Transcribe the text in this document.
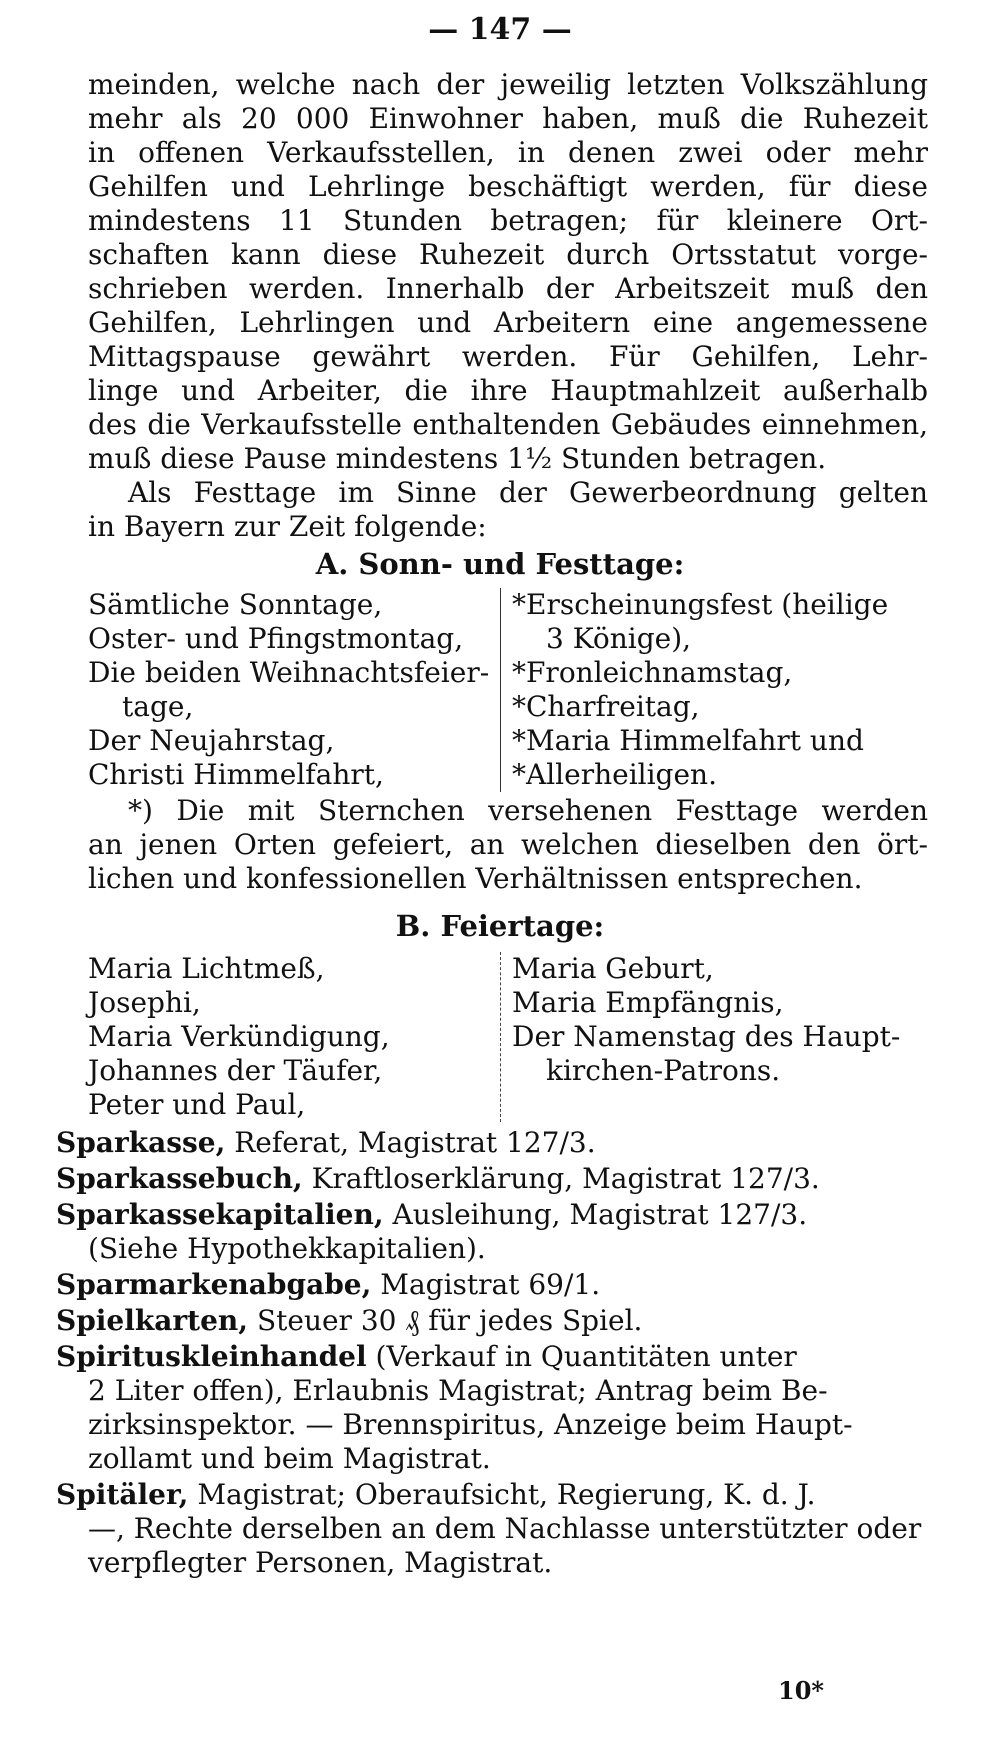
— 147 —
meinden, welche nach der jeweilig letzten Volkszählung
mehr als 20 000 Einwohner haben, muß die Ruhezeit
in offenen Verkaufsstellen, in denen zwei oder mehr
Gehilfen und Lehrlinge beschäftigt werden, für diese
mindestens 11 Stunden betragen; für kleinere Ort-
schaften kann diese Ruhezeit durch Ortsstatut vorge-
schrieben werden. Innerhalb der Arbeitszeit muß den
Gehilfen, Lehrlingen und Arbeitern eine angemessene
Mittagspause gewährt werden. Für Gehilfen, Lehr-
linge und Arbeiter, die ihre Hauptmahlzeit außerhalb
des die Verkaufsstelle enthaltenden Gebäudes einnehmen,
muß diese Pause mindestens 1½ Stunden betragen.
Als Festtage im Sinne der Gewerbeordnung gelten
in Bayern zur Zeit folgende:
A. Sonn- und Festtage:
Sämtliche Sonntage,
Oster- und Pfingstmontag,
Die beiden Weihnachtsfeier-
tage,
Der Neujahrstag,
Christi Himmelfahrt,
*Erscheinungsfest (heilige
3 Könige),
*Fronleichnamstag,
*Charfreitag,
*Maria Himmelfahrt und
*Allerheiligen.
*) Die mit Sternchen versehenen Festtage werden
an jenen Orten gefeiert, an welchen dieselben den ört-
lichen und konfessionellen Verhältnissen entsprechen.
B. Feiertage:
Maria Lichtmeß,
Josephi,
Maria Verkündigung,
Johannes der Täufer,
Peter und Paul,
Maria Geburt,
Maria Empfängnis,
Der Namenstag des Haupt-
kirchen-Patrons.
Sparkasse, Referat, Magistrat 127/3.
Sparkassebuch, Kraftloserklärung, Magistrat 127/3.
Sparkassekapitalien, Ausleihung, Magistrat 127/3.
(Siehe Hypothekkapitalien).
Sparmarkenabgabe, Magistrat 69/1.
Spielkarten, Steuer 30 ₰ für jedes Spiel.
Spirituskleinhandel (Verkauf in Quantitäten unter
2 Liter offen), Erlaubnis Magistrat; Antrag beim Be-
zirksinspektor. — Brennspiritus, Anzeige beim Haupt-
zollamt und beim Magistrat.
Spitäler, Magistrat; Oberaufsicht, Regierung, K. d. J.
—, Rechte derselben an dem Nachlasse unterstützter oder
verpflegter Personen, Magistrat.
10*
